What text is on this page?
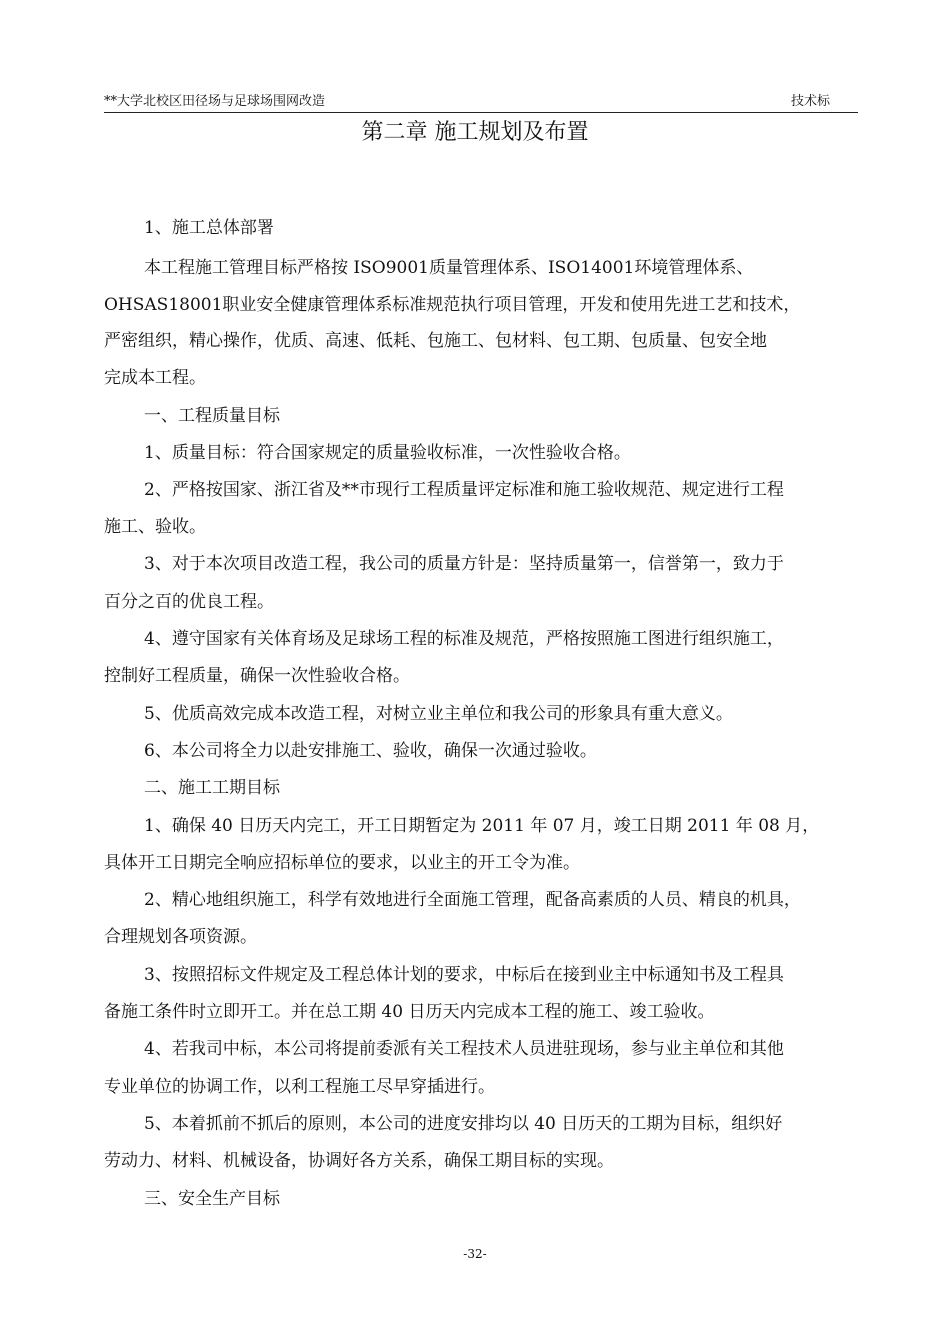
**大学北校区田径场与足球场围网改造	技术标
第二章 施工规划及布置
1、施工总体部署
本工程施工管理目标严格按 ISO9001质量管理体系、ISO14001环境管理体系、
OHSAS18001职业安全健康管理体系标准规范执行项目管理，开发和使用先进工艺和技术，
严密组织，精心操作，优质、高速、低耗、包施工、包材料、包工期、包质量、包安全地
完成本工程。
一、工程质量目标
1、质量目标：符合国家规定的质量验收标准，一次性验收合格。
2、严格按国家、浙江省及**市现行工程质量评定标准和施工验收规范、规定进行工程
施工、验收。
3、对于本次项目改造工程，我公司的质量方针是：坚持质量第一，信誉第一，致力于
百分之百的优良工程。
4、遵守国家有关体育场及足球场工程的标准及规范，严格按照施工图进行组织施工，
控制好工程质量，确保一次性验收合格。
5、优质高效完成本改造工程，对树立业主单位和我公司的形象具有重大意义。
6、本公司将全力以赴安排施工、验收，确保一次通过验收。
二、施工工期目标
1、确保 40 日历天内完工，开工日期暂定为 2011 年 07 月，竣工日期 2011 年 08 月，
具体开工日期完全响应招标单位的要求，以业主的开工令为准。
2、精心地组织施工，科学有效地进行全面施工管理，配备高素质的人员、精良的机具，
合理规划各项资源。
3、按照招标文件规定及工程总体计划的要求，中标后在接到业主中标通知书及工程具
备施工条件时立即开工。并在总工期 40 日历天内完成本工程的施工、竣工验收。
4、若我司中标，本公司将提前委派有关工程技术人员进驻现场，参与业主单位和其他
专业单位的协调工作，以利工程施工尽早穿插进行。
5、本着抓前不抓后的原则，本公司的进度安排均以 40 日历天的工期为目标，组织好
劳动力、材料、机械设备，协调好各方关系，确保工期目标的实现。
三、安全生产目标
-32-
